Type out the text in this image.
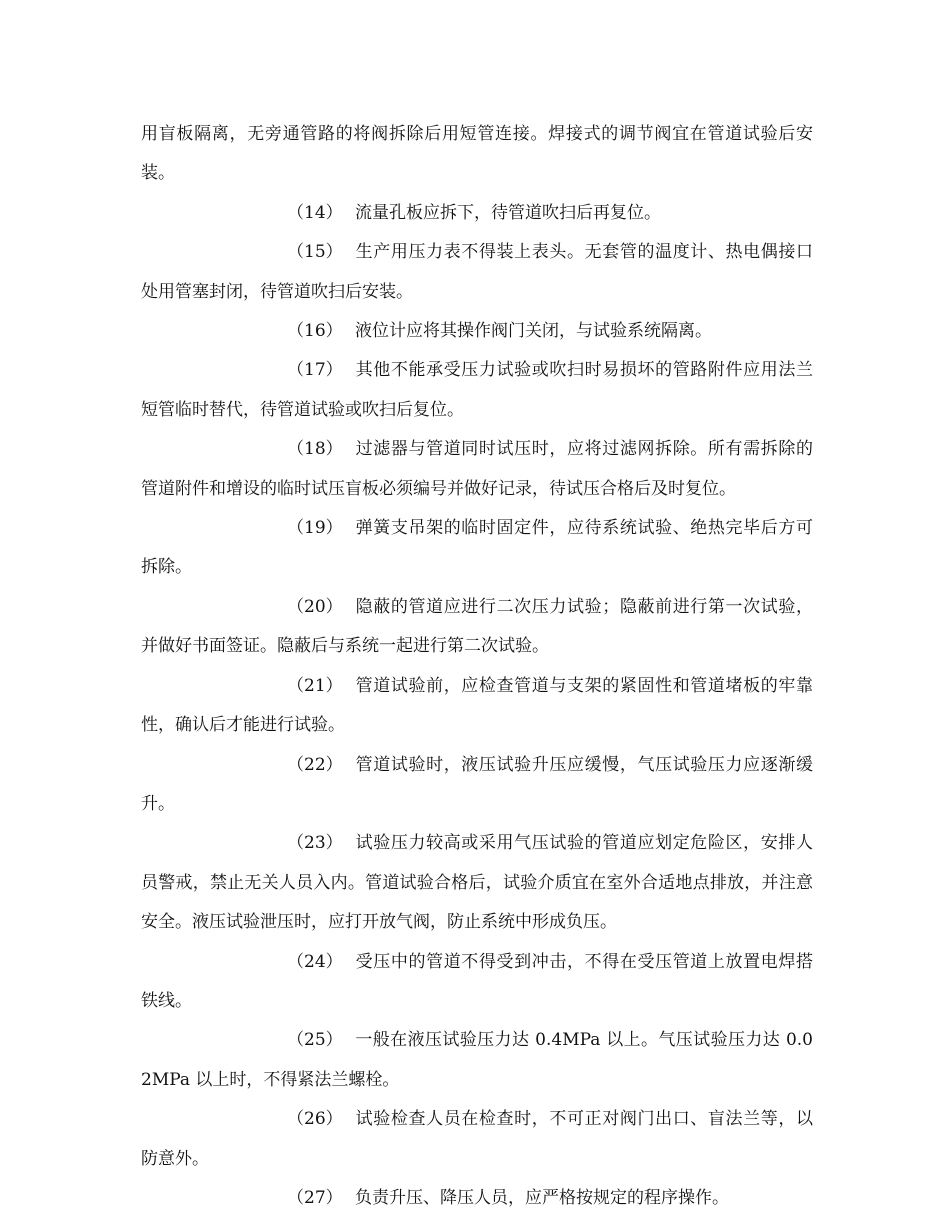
用盲板隔离，无旁通管路的将阀拆除后用短管连接。焊接式的调节阀宜在管道试验后安装。

（14） 流量孔板应拆下，待管道吹扫后再复位。

（15） 生产用压力表不得装上表头。无套管的温度计、热电偶接口处用管塞封闭，待管道吹扫后安装。

（16） 液位计应将其操作阀门关闭，与试验系统隔离。

（17） 其他不能承受压力试验或吹扫时易损坏的管路附件应用法兰短管临时替代，待管道试验或吹扫后复位。

（18） 过滤器与管道同时试压时，应将过滤网拆除。所有需拆除的管道附件和增设的临时试压盲板必须编号并做好记录，待试压合格后及时复位。

（19） 弹簧支吊架的临时固定件，应待系统试验、绝热完毕后方可拆除。

（20） 隐蔽的管道应进行二次压力试验；隐蔽前进行第一次试验，并做好书面签证。隐蔽后与系统一起进行第二次试验。

（21） 管道试验前，应检查管道与支架的紧固性和管道堵板的牢靠性，确认后才能进行试验。

（22） 管道试验时，液压试验升压应缓慢，气压试验压力应逐渐缓升。

（23） 试验压力较高或采用气压试验的管道应划定危险区，安排人员警戒，禁止无关人员入内。管道试验合格后，试验介质宜在室外合适地点排放，并注意安全。液压试验泄压时，应打开放气阀，防止系统中形成负压。

（24） 受压中的管道不得受到冲击，不得在受压管道上放置电焊搭铁线。

（25） 一般在液压试验压力达 0.4MPa 以上。气压试验压力达 0.02MPa 以上时，不得紧法兰螺栓。

（26） 试验检查人员在检查时，不可正对阀门出口、盲法兰等，以防意外。

（27） 负责升压、降压人员，应严格按规定的程序操作。
